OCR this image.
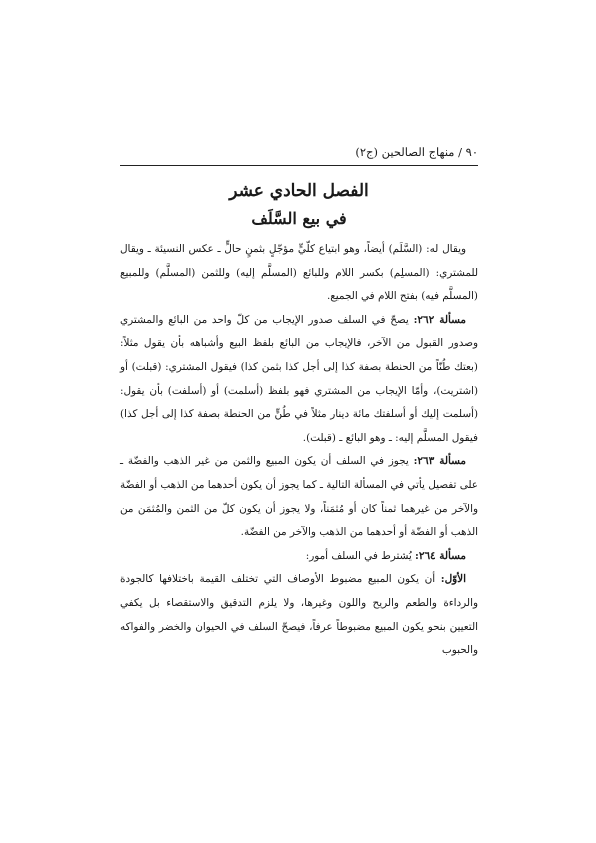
٩٠ / منهاج الصالحين (ج٢)
الفصل الحادي عشر
في بيع السَّلَف

ويقال له: (السَّلَم) أيضاً، وهو ابتياع كلّيٍّ مؤجّلٍ بثمنٍ حالٍّ ـ عكس النسيئة ـ ويقال للمشتري: (المسلِم) بكسر اللام وللبائع (المسلَّم إليه) وللثمن (المسلَّم) وللمبيع (المسلَّم فيه) بفتح اللام في الجميع.

مسألة ٢٦٢: يصحّ في السلف صدور الإيجاب من كلّ واحد من البائع والمشتري وصدور القبول من الآخر، فالإيجاب من البائع بلفظ البيع وأشباهه بأن يقول مثلاً: (بعتك طُنّاً من الحنطة بصفة كذا إلى أجل كذا بثمن كذا) فيقول المشتري: (قبلت) أو (اشتريت)، وأمّا الإيجاب من المشتري فهو بلفظ (أسلمت) أو (أسلفت) بأن يقول: (أسلمت إليك أو أسلفتك مائة دينار مثلاً في طُنٍّ من الحنطة بصفة كذا إلى أجل كذا) فيقول المسلَّم إليه: ـ وهو البائع ـ (قبلت).

مسألة ٢٦٣: يجوز في السلف أن يكون المبيع والثمن من غير الذهب والفضّة ـ على تفصيل يأتي في المسألة التالية ـ كما يجوز أن يكون أحدهما من الذهب أو الفضّة والآخر من غيرهما ثمناً كان أو مُثمَناً، ولا يجوز أن يكون كلّ من الثمن والمُثمَن من الذهب أو الفضّة أو أحدهما من الذهب والآخر من الفضّة.

مسألة ٢٦٤: يُشترط في السلف أمور:

الأوّل: أن يكون المبيع مضبوط الأوصاف التي تختلف القيمة باختلافها كالجودة والرداءة والطعم والريح واللون وغيرها، ولا يلزم التدقيق والاستقصاء بل يكفي التعيين بنحو يكون المبيع مضبوطاً عرفاً، فيصحّ السلف في الحيوان والخضر والفواكه والحبوب
